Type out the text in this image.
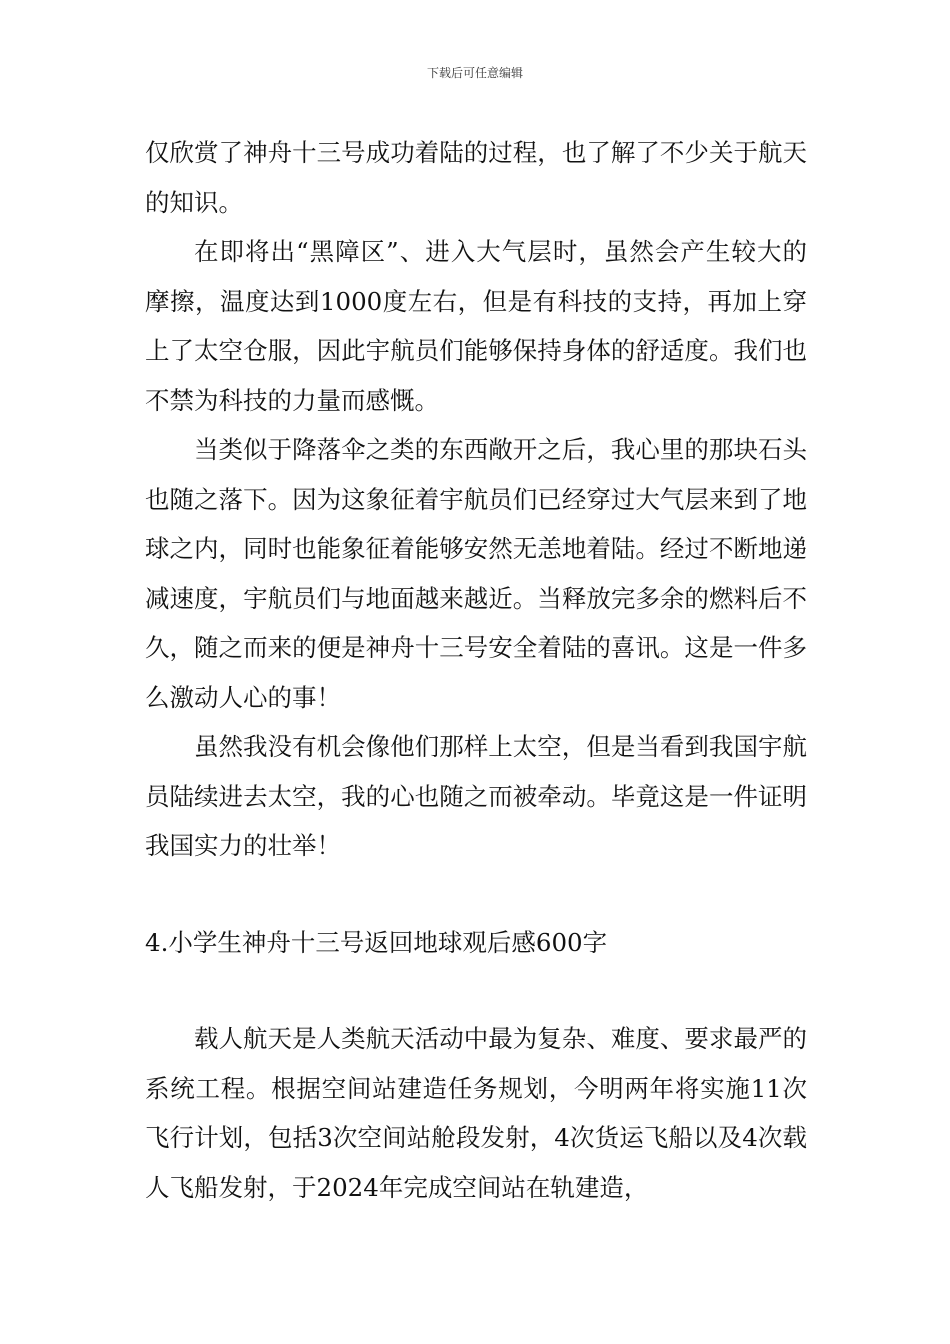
下载后可任意编辑

仅欣赏了神舟十三号成功着陆的过程，也了解了不少关于航天的知识。

在即将出“黑障区”、进入大气层时，虽然会产生较大的摩擦，温度达到1000度左右，但是有科技的支持，再加上穿上了太空仓服，因此宇航员们能够保持身体的舒适度。我们也不禁为科技的力量而感慨。

当类似于降落伞之类的东西敞开之后，我心里的那块石头也随之落下。因为这象征着宇航员们已经穿过大气层来到了地球之内，同时也能象征着能够安然无恙地着陆。经过不断地递减速度，宇航员们与地面越来越近。当释放完多余的燃料后不久，随之而来的便是神舟十三号安全着陆的喜讯。这是一件多么激动人心的事！

虽然我没有机会像他们那样上太空，但是当看到我国宇航员陆续进去太空，我的心也随之而被牵动。毕竟这是一件证明我国实力的壮举！

4.小学生神舟十三号返回地球观后感600字

载人航天是人类航天活动中最为复杂、难度、要求最严的系统工程。根据空间站建造任务规划，今明两年将实施11次飞行计划，包括3次空间站舱段发射，4次货运飞船以及4次载人飞船发射，于2024年完成空间站在轨建造，
